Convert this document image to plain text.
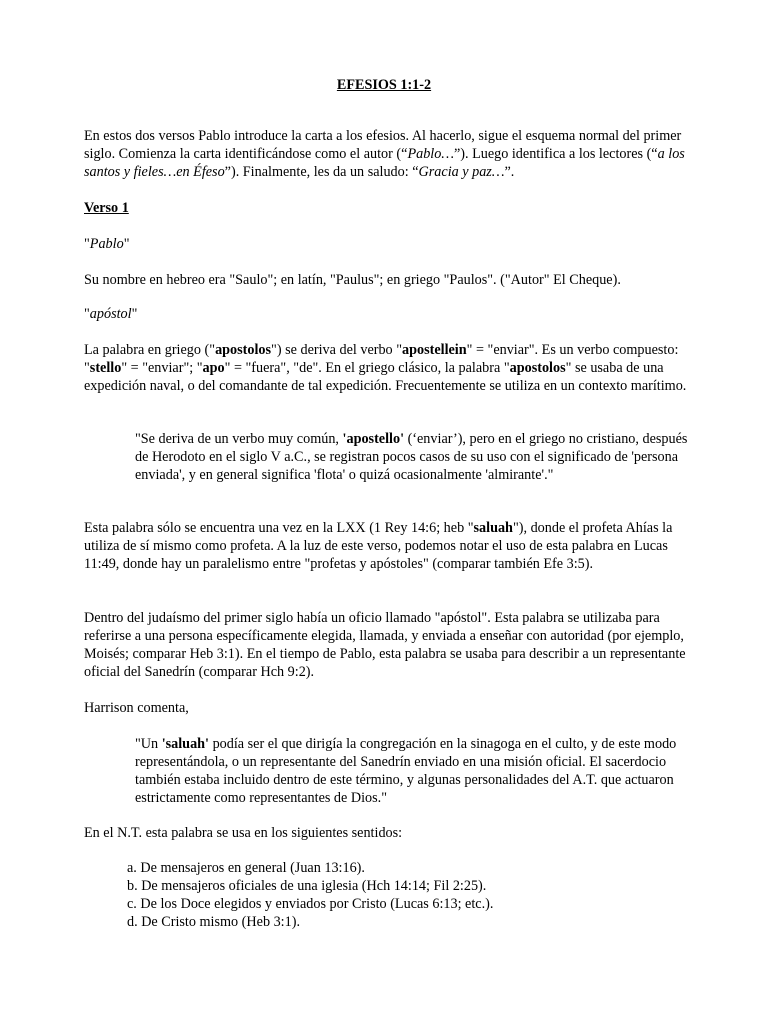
EFESIOS 1:1-2

En estos dos versos Pablo introduce la carta a los efesios. Al hacerlo, sigue el esquema normal del primer siglo. Comienza la carta identificándose como el autor (“Pablo…”). Luego identifica a los lectores (“a los santos y fieles…en Éfeso”). Finalmente, les da un saludo: “Gracia y paz…”.

Verso 1
"Pablo"

Su nombre en hebreo era "Saulo"; en latín, "Paulus"; en griego "Paulos". ("Autor" El Cheque).

"apóstol"

La palabra en griego ("apostolos") se deriva del verbo "apostellein" = "enviar". Es un verbo compuesto: "stello" = "enviar"; "apo" = "fuera", "de". En el griego clásico, la palabra "apostolos" se usaba de una expedición naval, o del comandante de tal expedición. Frecuentemente se utiliza en un contexto marítimo.

"Se deriva de un verbo muy común, 'apostello' (‘enviar’), pero en el griego no cristiano, después de Herodoto en el siglo V a.C., se registran pocos casos de su uso con el significado de 'persona enviada', y en general significa 'flota' o quizá ocasionalmente 'almirante'."

Esta palabra sólo se encuentra una vez en la LXX (1 Rey 14:6; heb "saluah"), donde el profeta Ahías la utiliza de sí mismo como profeta. A la luz de este verso, podemos notar el uso de esta palabra en Lucas 11:49, donde hay un paralelismo entre "profetas y apóstoles" (comparar también Efe 3:5).

Dentro del judaísmo del primer siglo había un oficio llamado "apóstol". Esta palabra se utilizaba para referirse a una persona específicamente elegida, llamada, y enviada a enseñar con autoridad (por ejemplo, Moisés; comparar Heb 3:1). En el tiempo de Pablo, esta palabra se usaba para describir a un representante oficial del Sanedrín (comparar Hch 9:2).

Harrison comenta,

"Un 'saluah' podía ser el que dirigía la congregación en la sinagoga en el culto, y de este modo representándola, o un representante del Sanedrín enviado en una misión oficial. El sacerdocio también estaba incluido dentro de este término, y algunas personalidades del A.T. que actuaron estrictamente como representantes de Dios."

En el N.T. esta palabra se usa en los siguientes sentidos:

a. De mensajeros en general (Juan 13:16).
b. De mensajeros oficiales de una iglesia (Hch 14:14; Fil 2:25).
c. De los Doce elegidos y enviados por Cristo (Lucas 6:13; etc.).
d. De Cristo mismo (Heb 3:1).
